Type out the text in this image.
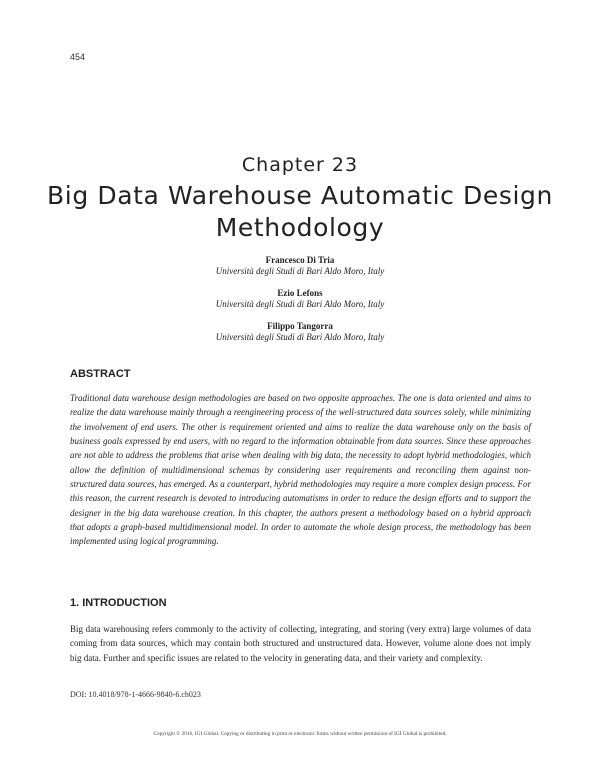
454
Chapter 23
Big Data Warehouse Automatic Design Methodology
Francesco Di Tria
Università degli Studi di Bari Aldo Moro, Italy
Ezio Lefons
Università degli Studi di Bari Aldo Moro, Italy
Filippo Tangorra
Università degli Studi di Bari Aldo Moro, Italy
ABSTRACT

Traditional data warehouse design methodologies are based on two opposite approaches. The one is data oriented and aims to realize the data warehouse mainly through a reengineering process of the well-structured data sources solely, while minimizing the involvement of end users. The other is requirement oriented and aims to realize the data warehouse only on the basis of business goals expressed by end users, with no regard to the information obtainable from data sources. Since these approaches are not able to address the problems that arise when dealing with big data, the necessity to adopt hybrid methodologies, which allow the definition of multidimensional schemas by considering user requirements and reconciling them against non-structured data sources, has emerged. As a counterpart, hybrid methodologies may require a more complex design process. For this reason, the current research is devoted to introducing automatisms in order to reduce the design efforts and to support the designer in the big data warehouse creation. In this chapter, the authors present a methodology based on a hybrid approach that adopts a graph-based multidimensional model. In order to automate the whole design process, the methodology has been implemented using logical programming.

1. INTRODUCTION

Big data warehousing refers commonly to the activity of collecting, integrating, and storing (very extra) large volumes of data coming from data sources, which may contain both structured and unstructured data. However, volume alone does not imply big data. Further and specific issues are related to the velocity in generating data, and their variety and complexity.

DOI: 10.4018/978-1-4666-9840-6.ch023
Copyright © 2016, IGI Global. Copying or distributing in print or electronic forms without written permission of IGI Global is prohibited.
